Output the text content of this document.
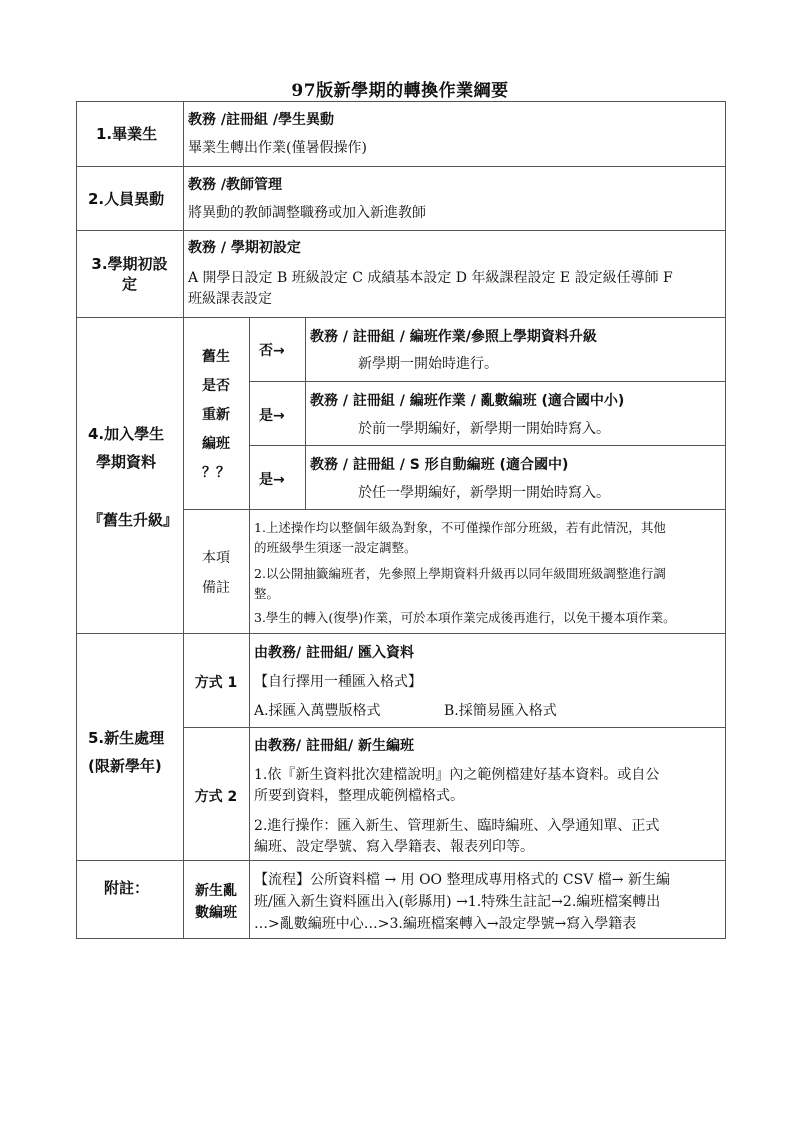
97版新學期的轉換作業綱要
1.畢業生
教務 /註冊組 /學生異動
畢業生轉出作業(僅暑假操作)
2.人員異動
教務 /教師管理
將異動的教師調整職務或加入新進教師
3.學期初設
定
教務 / 學期初設定
A 開學日設定 B 班級設定 C 成績基本設定 D 年級課程設定 E 設定級任導師 F
班級課表設定
4.加入學生
學期資料
『舊生升級』
舊生
是否
重新
編班
？？
否→
教務 / 註冊組 / 編班作業/參照上學期資料升級
新學期一開始時進行。
是→
教務 / 註冊組 / 編班作業 / 亂數編班 (適合國中小)
於前一學期編好，新學期一開始時寫入。
是→
教務 / 註冊組 / S 形自動編班 (適合國中)
於任一學期編好，新學期一開始時寫入。
本項
備註
1.上述操作均以整個年級為對象，不可僅操作部分班級，若有此情況，其他
的班級學生須逐一設定調整。
2.以公開抽籤編班者，先參照上學期資料升級再以同年級間班級調整進行調
整。
3.學生的轉入(復學)作業，可於本項作業完成後再進行，以免干擾本項作業。
5.新生處理
(限新學年)
方式 1
由教務/ 註冊組/ 匯入資料
【自行擇用一種匯入格式】
A.採匯入萬豐版格式	B.採簡易匯入格式
方式 2
由教務/ 註冊組/ 新生編班
1.依『新生資料批次建檔說明』內之範例檔建好基本資料。或自公
所要到資料，整理成範例檔格式。
2.進行操作：匯入新生、管理新生、臨時編班、入學通知單、正式
編班、設定學號、寫入學籍表、報表列印等。
附註：	新生亂
數編班
【流程】公所資料檔 → 用 OO 整理成專用格式的 CSV 檔→ 新生編
班/匯入新生資料匯出入(彰縣用) →1.特殊生註記→2.編班檔案轉出
…>亂數編班中心…>3.編班檔案轉入→設定學號→寫入學籍表
